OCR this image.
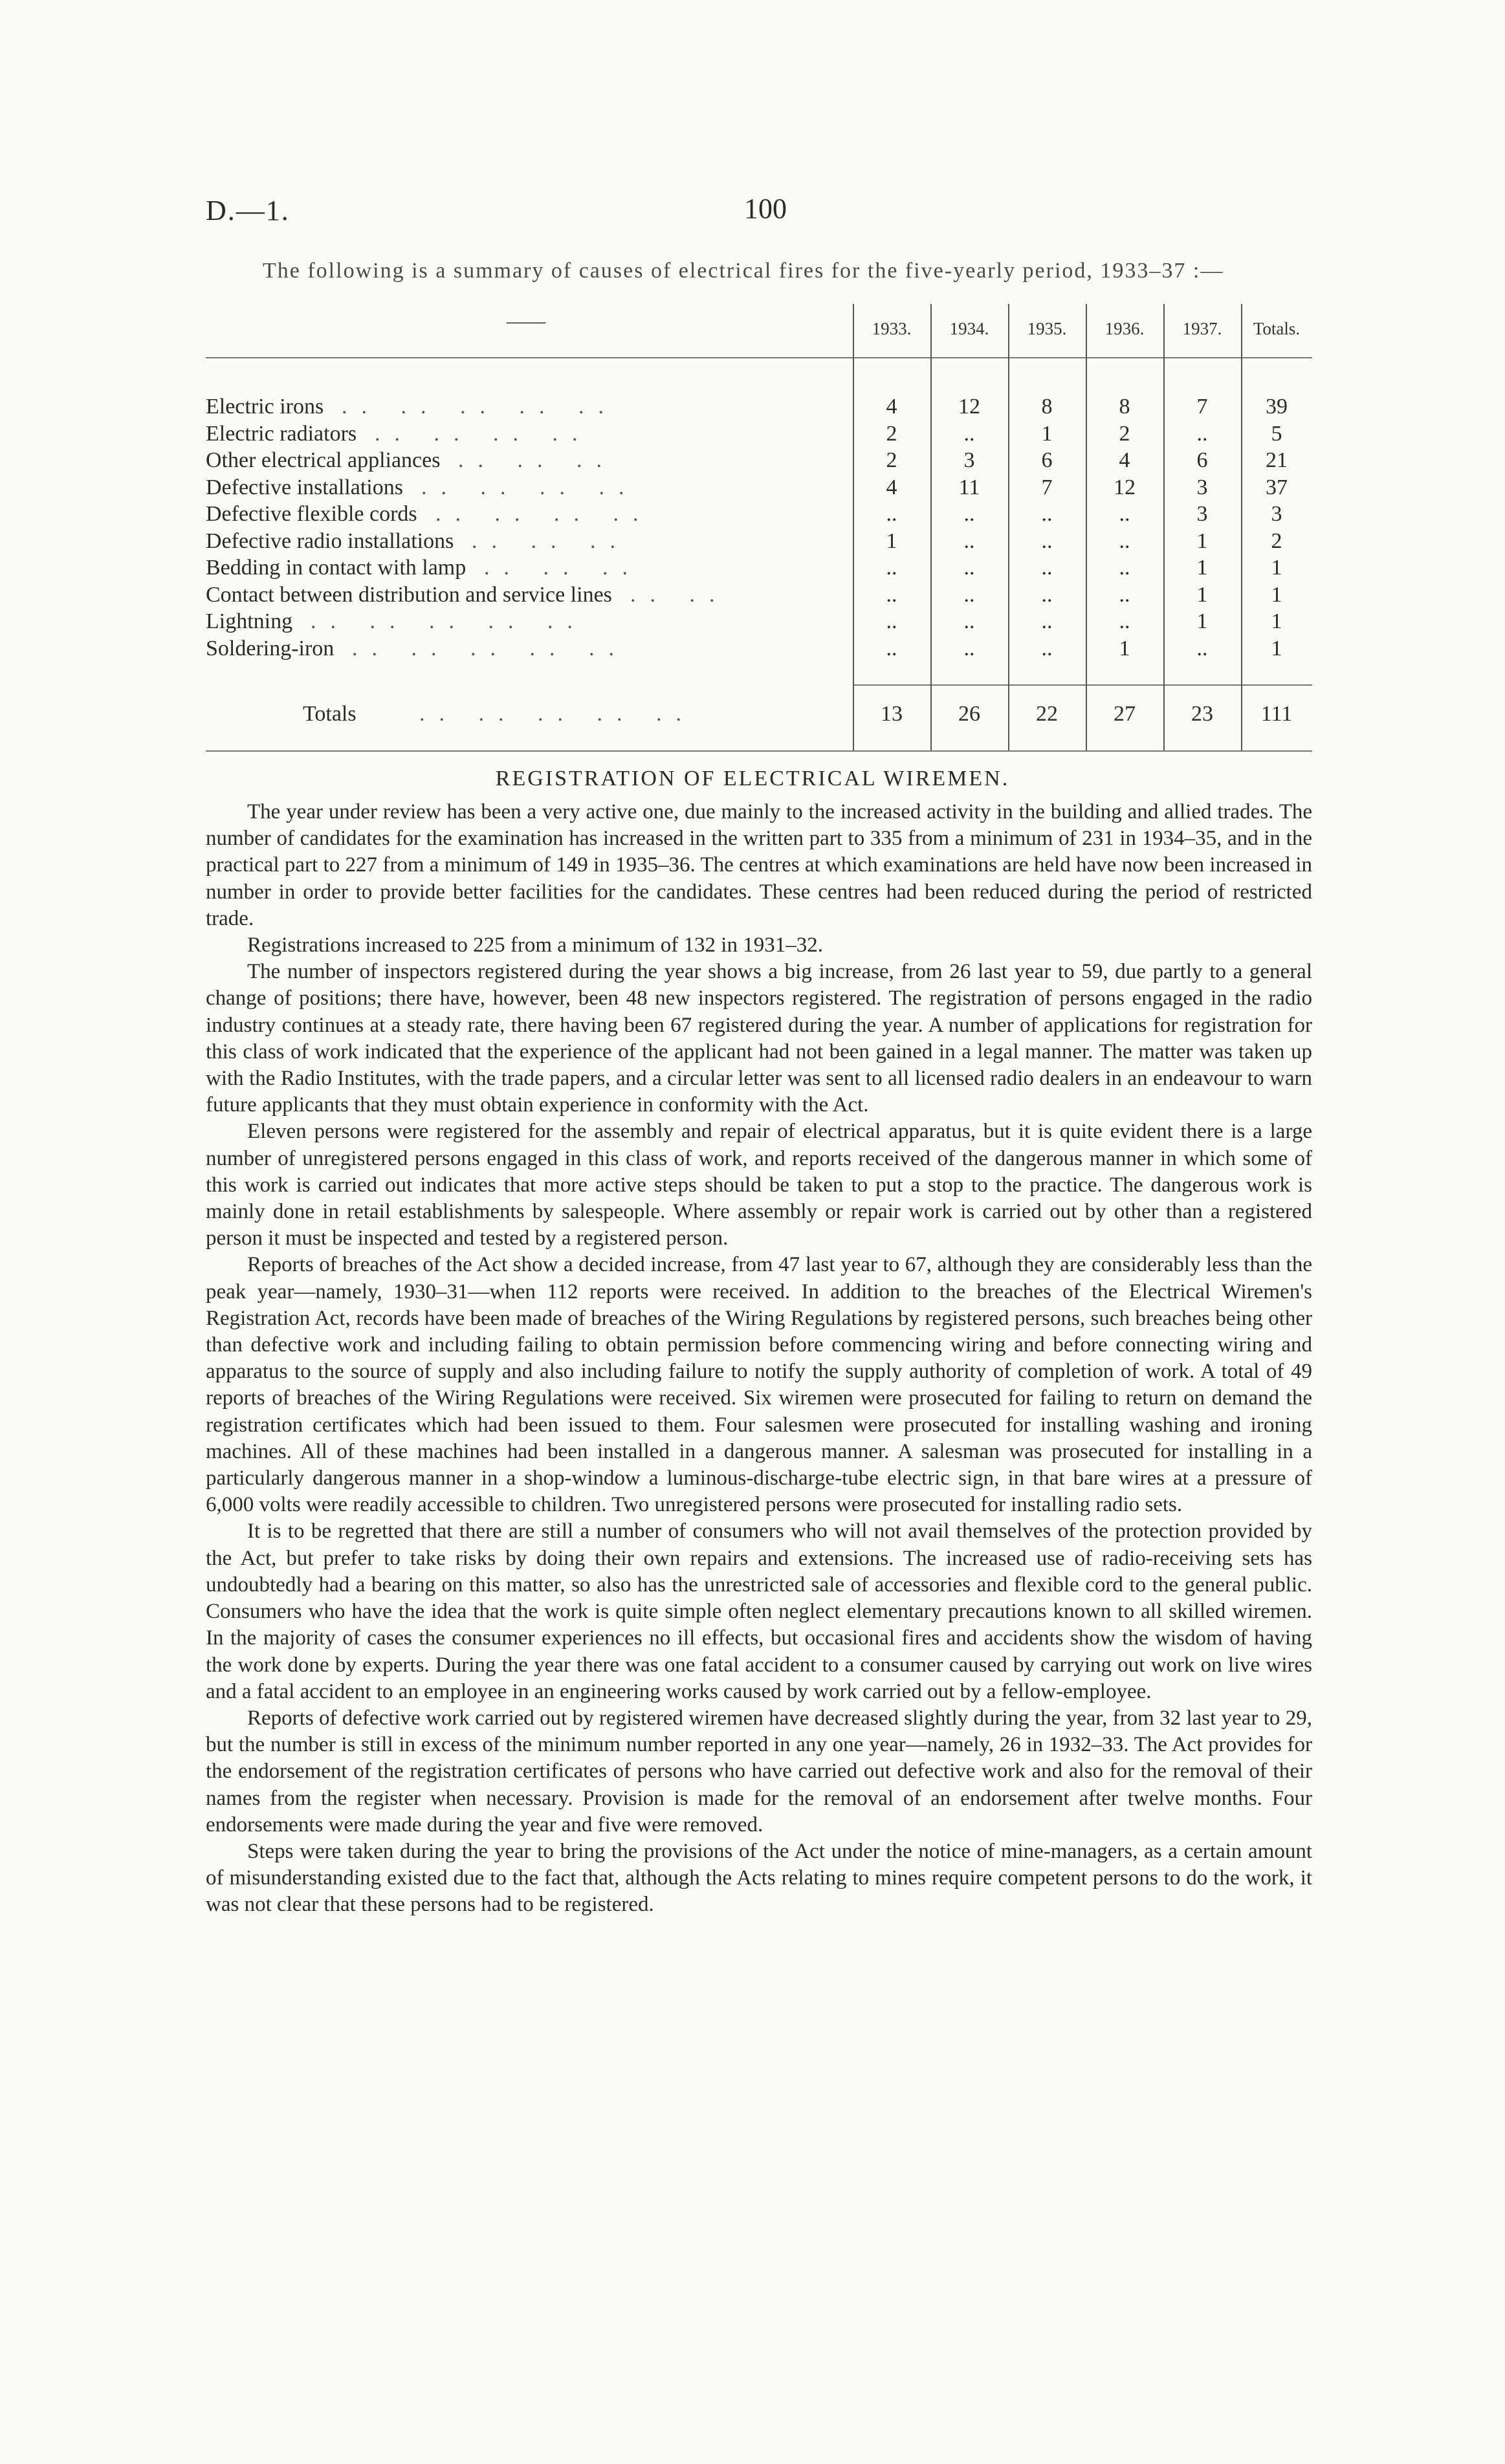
D.—1.	100
The following is a summary of causes of electrical fires for the five-yearly period, 1933–37 :—
——	1933.	1934.	1935.	1936.	1937.	Totals.
Electric irons .. .. .. .. ..	4	12	8	8	7	39
Electric radiators .. .. .. ..	2	..	1	2	..	5
Other electrical appliances .. .. ..	2	3	6	4	6	21
Defective installations .. .. .. ..	4	11	7	12	3	37
Defective flexible cords .. .. .. ..	..	..	..	..	3	3
Defective radio installations .. .. ..	1	..	..	..	1	2
Bedding in contact with lamp .. .. ..	..	..	..	..	1	1
Contact between distribution and service lines .. ..	..	..	..	..	1	1
Lightning .. .. .. .. ..	..	..	..	..	1	1
Soldering-iron .. .. .. .. ..	..	..	..	1	..	1
Totals	.. .. .. .. ..	13	26	22	27	23	111
REGISTRATION OF ELECTRICAL WIREMEN.

The year under review has been a very active one, due mainly to the increased activity in the building and allied trades. The number of candidates for the examination has increased in the written part to 335 from a minimum of 231 in 1934–35, and in the practical part to 227 from a minimum of 149 in 1935–36. The centres at which examinations are held have now been increased in number in order to provide better facilities for the candidates. These centres had been reduced during the period of restricted trade.

Registrations increased to 225 from a minimum of 132 in 1931–32.

The number of inspectors registered during the year shows a big increase, from 26 last year to 59, due partly to a general change of positions; there have, however, been 48 new inspectors registered. The registration of persons engaged in the radio industry continues at a steady rate, there having been 67 registered during the year. A number of applications for registration for this class of work indicated that the experience of the applicant had not been gained in a legal manner. The matter was taken up with the Radio Institutes, with the trade papers, and a circular letter was sent to all licensed radio dealers in an endeavour to warn future applicants that they must obtain experience in conformity with the Act.

Eleven persons were registered for the assembly and repair of electrical apparatus, but it is quite evident there is a large number of unregistered persons engaged in this class of work, and reports received of the dangerous manner in which some of this work is carried out indicates that more active steps should be taken to put a stop to the practice. The dangerous work is mainly done in retail establishments by salespeople. Where assembly or repair work is carried out by other than a registered person it must be inspected and tested by a registered person.

Reports of breaches of the Act show a decided increase, from 47 last year to 67, although they are considerably less than the peak year—namely, 1930–31—when 112 reports were received. In addition to the breaches of the Electrical Wiremen's Registration Act, records have been made of breaches of the Wiring Regulations by registered persons, such breaches being other than defective work and including failing to obtain permission before commencing wiring and before connecting wiring and apparatus to the source of supply and also including failure to notify the supply authority of completion of work. A total of 49 reports of breaches of the Wiring Regulations were received. Six wiremen were prosecuted for failing to return on demand the registration certificates which had been issued to them. Four salesmen were prosecuted for installing washing and ironing machines. All of these machines had been installed in a dangerous manner. A salesman was prosecuted for installing in a particularly dangerous manner in a shop-window a luminous-discharge-tube electric sign, in that bare wires at a pressure of 6,000 volts were readily accessible to children. Two unregistered persons were prosecuted for installing radio sets.

It is to be regretted that there are still a number of consumers who will not avail themselves of the protection provided by the Act, but prefer to take risks by doing their own repairs and extensions. The increased use of radio-receiving sets has undoubtedly had a bearing on this matter, so also has the unrestricted sale of accessories and flexible cord to the general public. Consumers who have the idea that the work is quite simple often neglect elementary precautions known to all skilled wiremen. In the majority of cases the consumer experiences no ill effects, but occasional fires and accidents show the wisdom of having the work done by experts. During the year there was one fatal accident to a consumer caused by carrying out work on live wires and a fatal accident to an employee in an engineering works caused by work carried out by a fellow-employee.

Reports of defective work carried out by registered wiremen have decreased slightly during the year, from 32 last year to 29, but the number is still in excess of the minimum number reported in any one year—namely, 26 in 1932–33. The Act provides for the endorsement of the registration certificates of persons who have carried out defective work and also for the removal of their names from the register when necessary. Provision is made for the removal of an endorsement after twelve months. Four endorsements were made during the year and five were removed.

Steps were taken during the year to bring the provisions of the Act under the notice of mine-managers, as a certain amount of misunderstanding existed due to the fact that, although the Acts relating to mines require competent persons to do the work, it was not clear that these persons had to be registered.
